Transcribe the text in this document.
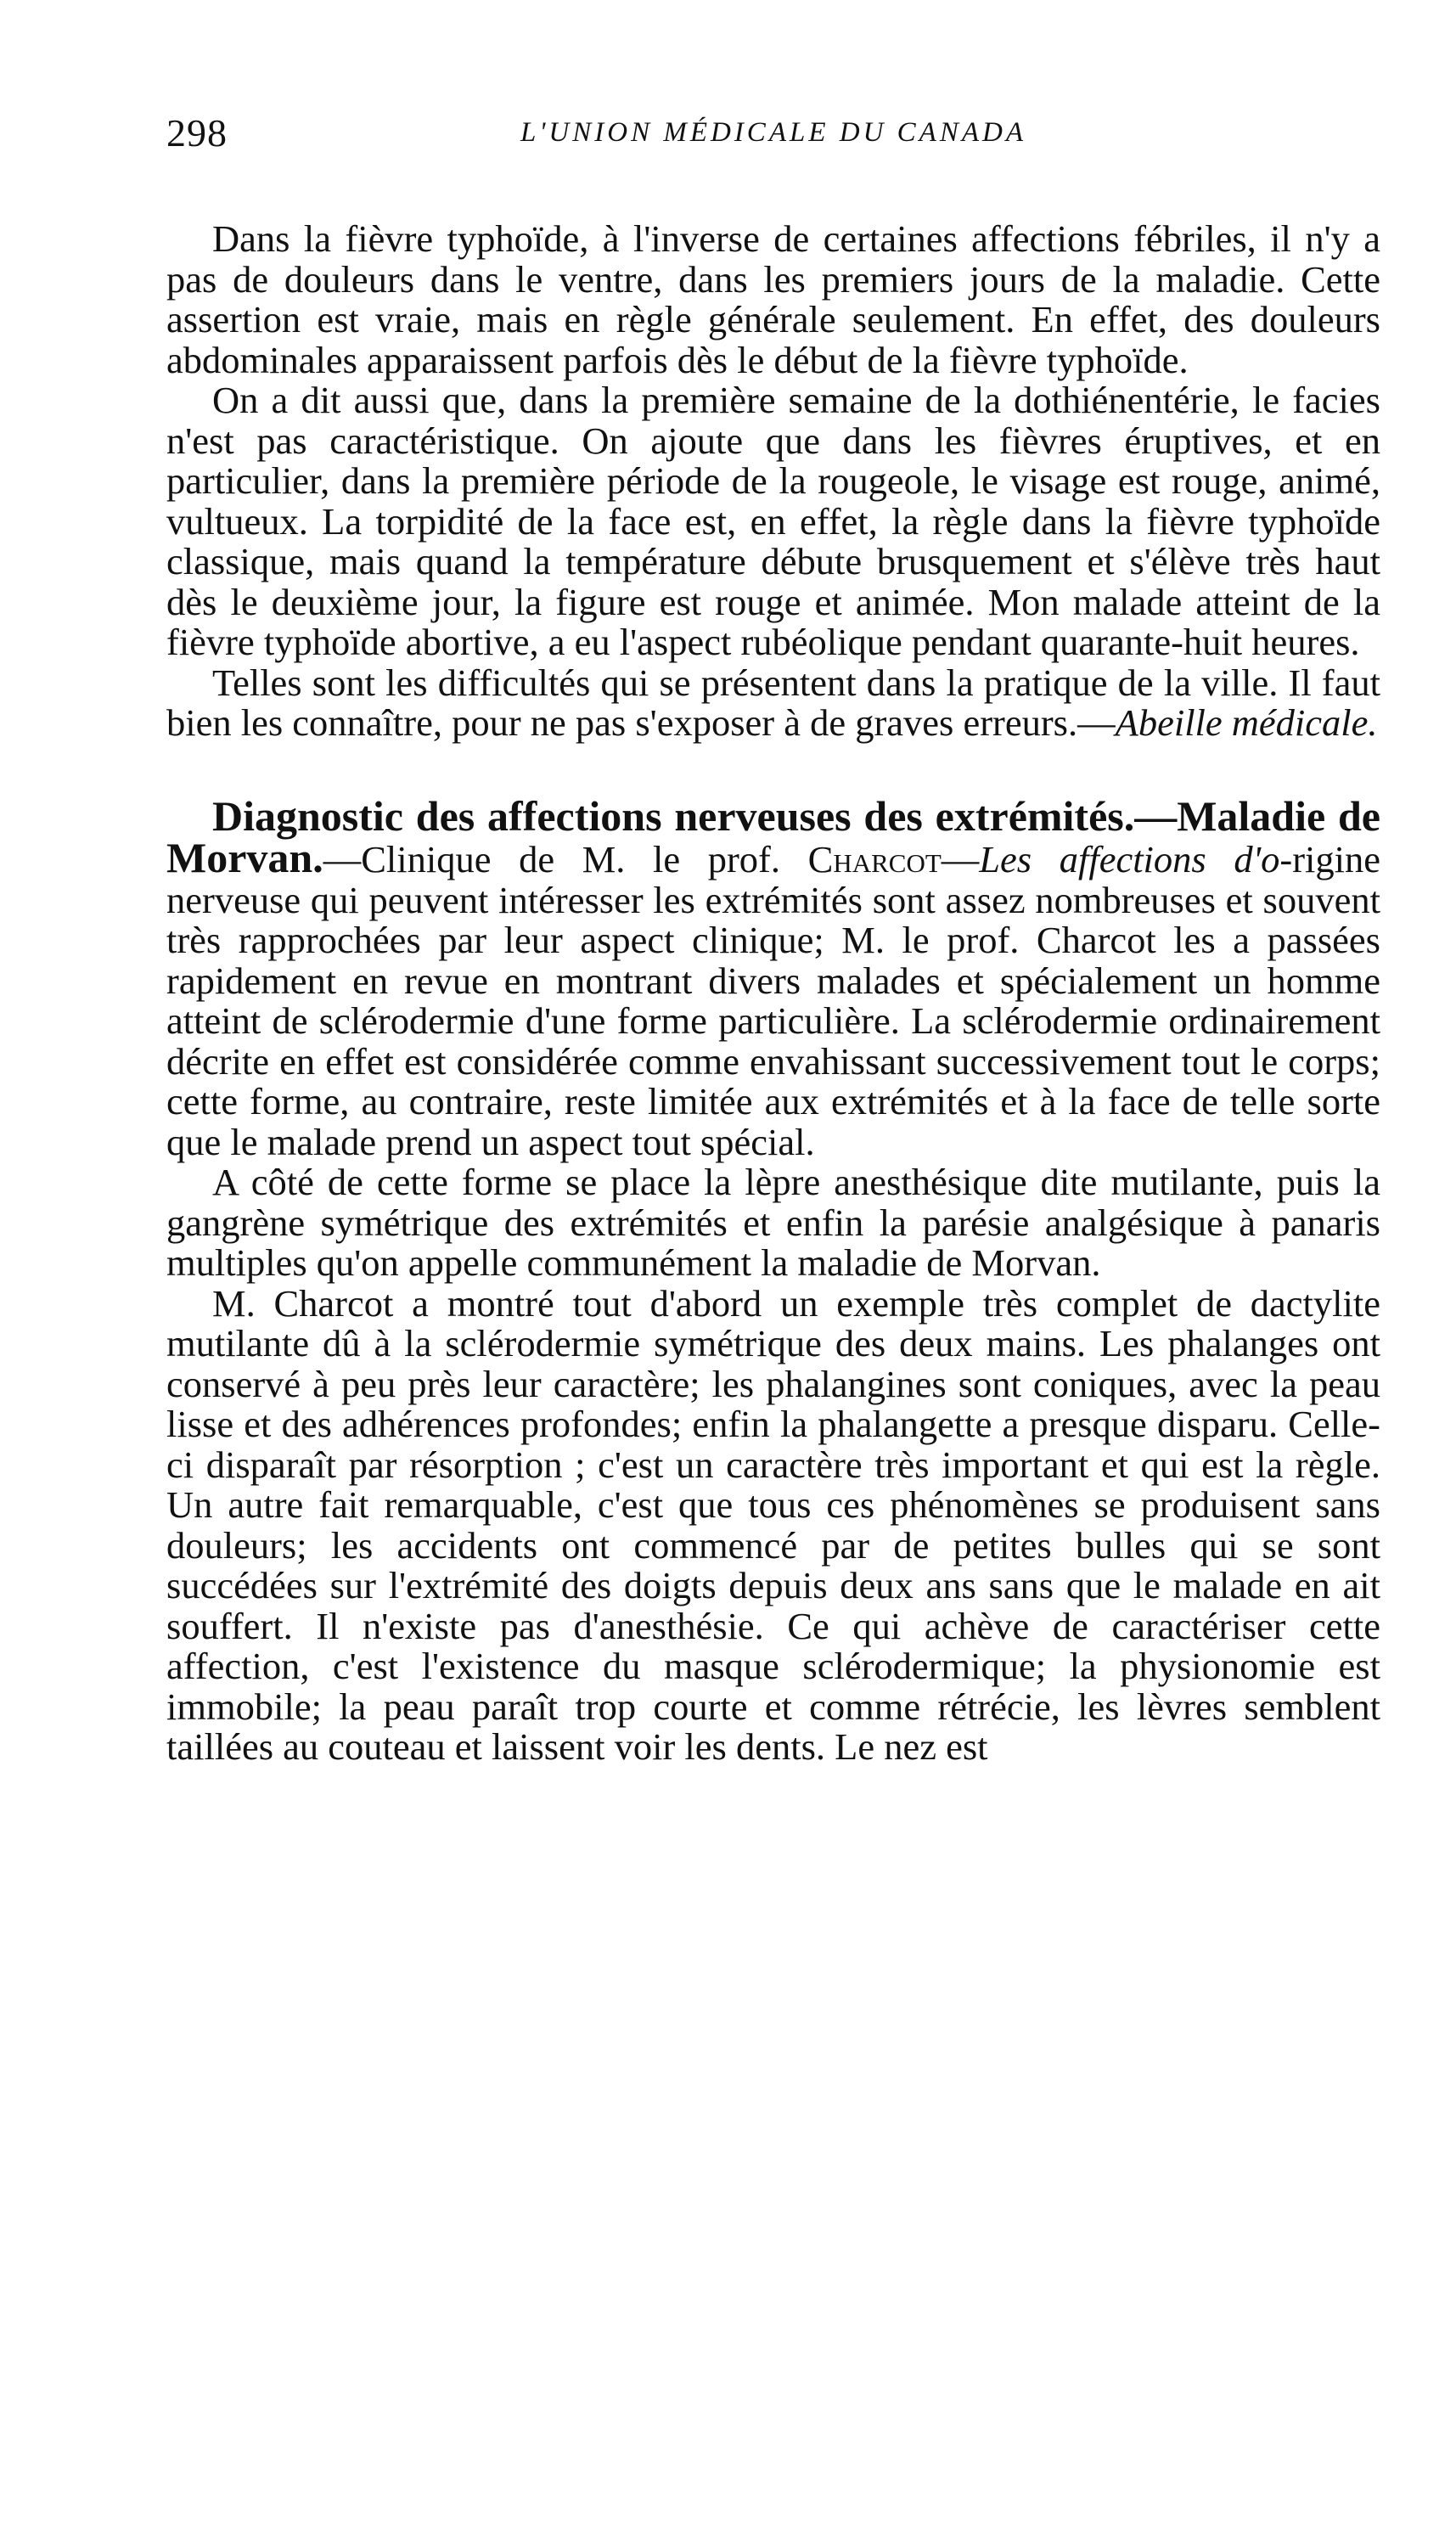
298	L'UNION MÉDICALE DU CANADA

Dans la fièvre typhoïde, à l'inverse de certaines affections fébriles, il n'y a pas de douleurs dans le ventre, dans les premiers jours de la maladie. Cette assertion est vraie, mais en règle générale seulement. En effet, des douleurs abdominales apparaissent parfois dès le début de la fièvre typhoïde.

On a dit aussi que, dans la première semaine de la dothiénentérie, le facies n'est pas caractéristique. On ajoute que dans les fièvres éruptives, et en particulier, dans la première période de la rougeole, le visage est rouge, animé, vultueux. La torpidité de la face est, en effet, la règle dans la fièvre typhoïde classique, mais quand la température débute brusquement et s'élève très haut dès le deuxième jour, la figure est rouge et animée. Mon malade atteint de la fièvre typhoïde abortive, a eu l'aspect rubéolique pendant quarante-huit heures.

Telles sont les difficultés qui se présentent dans la pratique de la ville. Il faut bien les connaître, pour ne pas s'exposer à de graves erreurs.—Abeille médicale.

Diagnostic des affections nerveuses des extrémités.—Maladie de Morvan.—Clinique de M. le prof. Charcot—Les affections d'o-rigine nerveuse qui peuvent intéresser les extrémités sont assez nombreuses et souvent très rapprochées par leur aspect clinique; M. le prof. Charcot les a passées rapidement en revue en montrant divers malades et spécialement un homme atteint de sclérodermie d'une forme particulière. La sclérodermie ordinairement décrite en effet est considérée comme envahissant successivement tout le corps; cette forme, au contraire, reste limitée aux extrémités et à la face de telle sorte que le malade prend un aspect tout spécial.

A côté de cette forme se place la lèpre anesthésique dite mutilante, puis la gangrène symétrique des extrémités et enfin la parésie analgésique à panaris multiples qu'on appelle communément la maladie de Morvan.

M. Charcot a montré tout d'abord un exemple très complet de dactylite mutilante dû à la sclérodermie symétrique des deux mains. Les phalanges ont conservé à peu près leur caractère; les phalangines sont coniques, avec la peau lisse et des adhérences profondes; enfin la phalangette a presque disparu. Celle-ci disparaît par résorption ; c'est un caractère très important et qui est la règle. Un autre fait remarquable, c'est que tous ces phénomènes se produisent sans douleurs; les accidents ont commencé par de petites bulles qui se sont succédées sur l'extrémité des doigts depuis deux ans sans que le malade en ait souffert. Il n'existe pas d'anesthésie. Ce qui achève de caractériser cette affection, c'est l'existence du masque sclérodermique; la physionomie est immobile; la peau paraît trop courte et comme rétrécie, les lèvres semblent taillées au couteau et laissent voir les dents. Le nez est
